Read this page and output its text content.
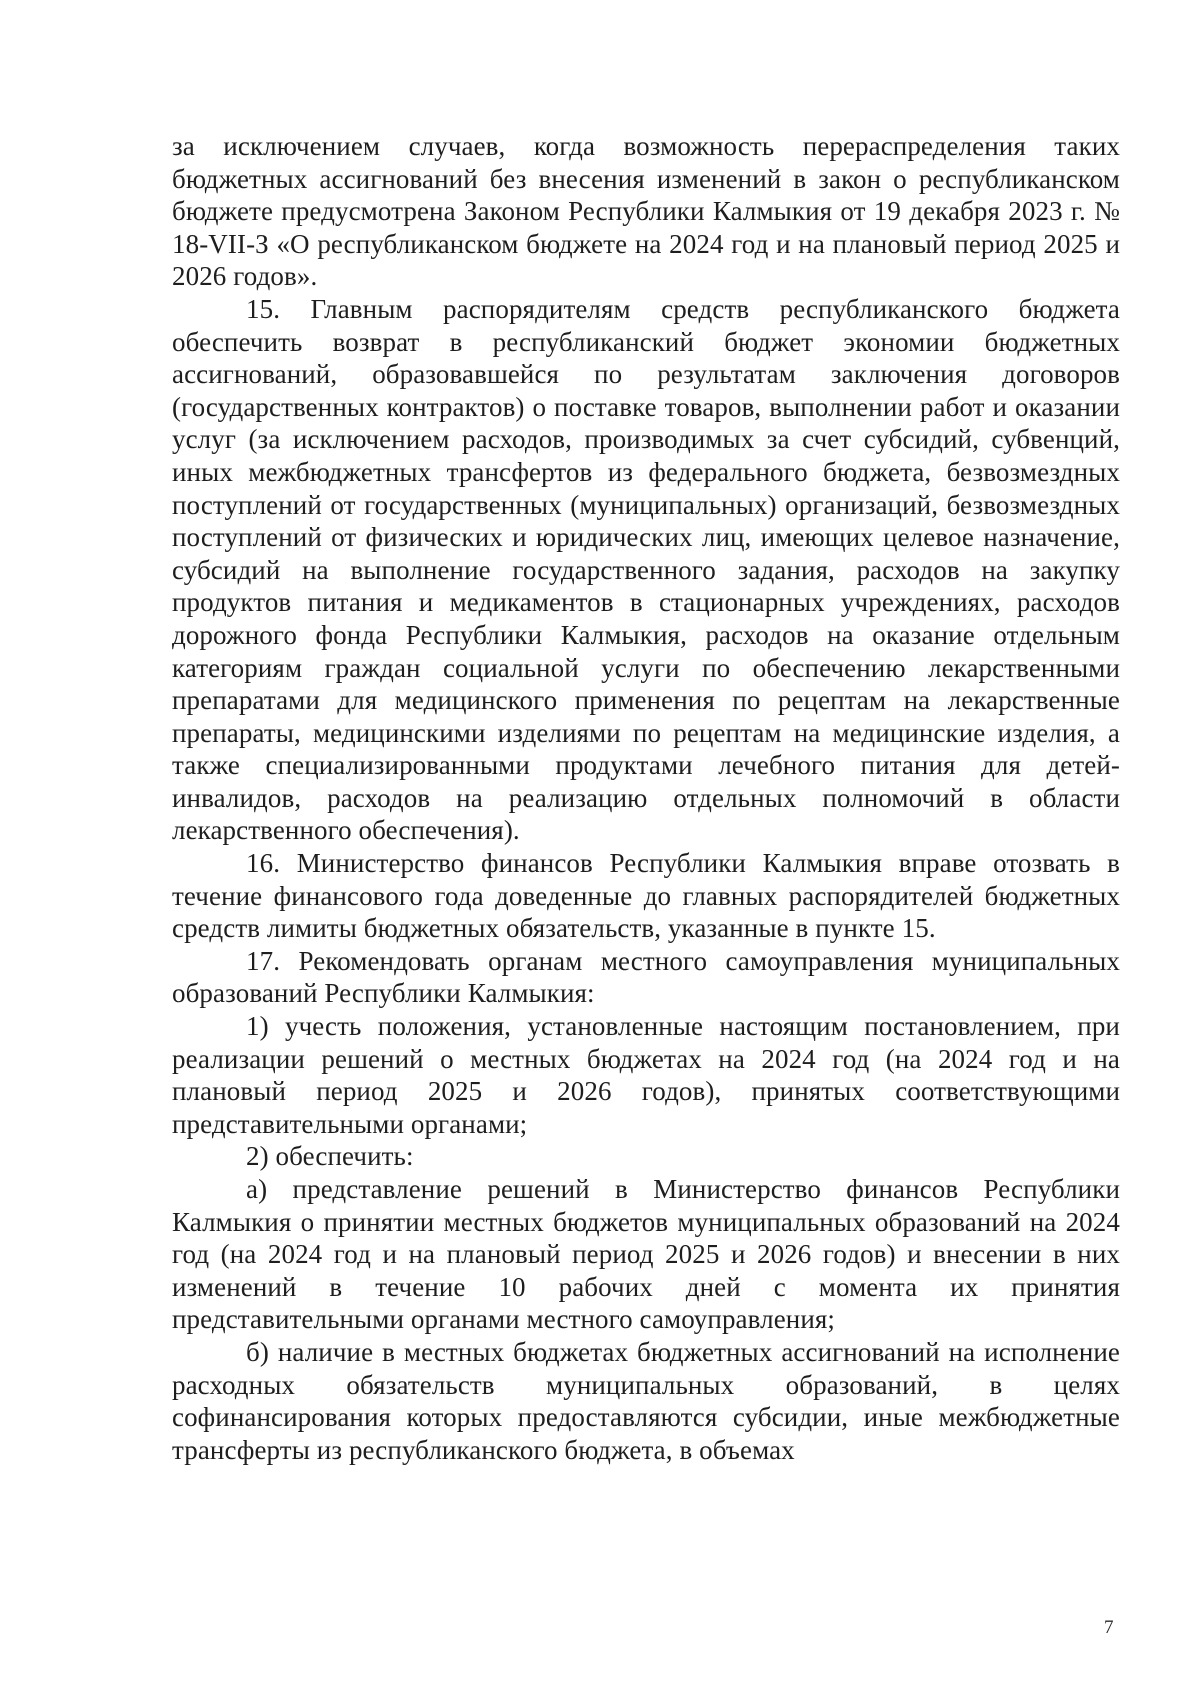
за исключением случаев, когда возможность перераспределения таких бюджетных ассигнований без внесения изменений в закон о республиканском бюджете предусмотрена Законом Республики Калмыкия от 19 декабря 2023 г. № 18-VII-З «О республиканском бюджете на 2024 год и на плановый период 2025 и 2026 годов».

15. Главным распорядителям средств республиканского бюджета обеспечить возврат в республиканский бюджет экономии бюджетных ассигнований, образовавшейся по результатам заключения договоров (государственных контрактов) о поставке товаров, выполнении работ и оказании услуг (за исключением расходов, производимых за счет субсидий, субвенций, иных межбюджетных трансфертов из федерального бюджета, безвозмездных поступлений от государственных (муниципальных) организаций, безвозмездных поступлений от физических и юридических лиц, имеющих целевое назначение, субсидий на выполнение государственного задания, расходов на закупку продуктов питания и медикаментов в стационарных учреждениях, расходов дорожного фонда Республики Калмыкия, расходов на оказание отдельным категориям граждан социальной услуги по обеспечению лекарственными препаратами для медицинского применения по рецептам на лекарственные препараты, медицинскими изделиями по рецептам на медицинские изделия, а также специализированными продуктами лечебного питания для детей-инвалидов, расходов на реализацию отдельных полномочий в области лекарственного обеспечения).

16. Министерство финансов Республики Калмыкия вправе отозвать в течение финансового года доведенные до главных распорядителей бюджетных средств лимиты бюджетных обязательств, указанные в пункте 15.

17. Рекомендовать органам местного самоуправления муниципальных образований Республики Калмыкия:

1) учесть положения, установленные настоящим постановлением, при реализации решений о местных бюджетах на 2024 год (на 2024 год и на плановый период 2025 и 2026 годов), принятых соответствующими представительными органами;

2) обеспечить:

а) представление решений в Министерство финансов Республики Калмыкия о принятии местных бюджетов муниципальных образований на 2024 год (на 2024 год и на плановый период 2025 и 2026 годов) и внесении в них изменений в течение 10 рабочих дней с момента их принятия представительными органами местного самоуправления;

б) наличие в местных бюджетах бюджетных ассигнований на исполнение расходных обязательств муниципальных образований, в целях софинансирования которых предоставляются субсидии, иные межбюджетные трансферты из республиканского бюджета, в объемах

7
